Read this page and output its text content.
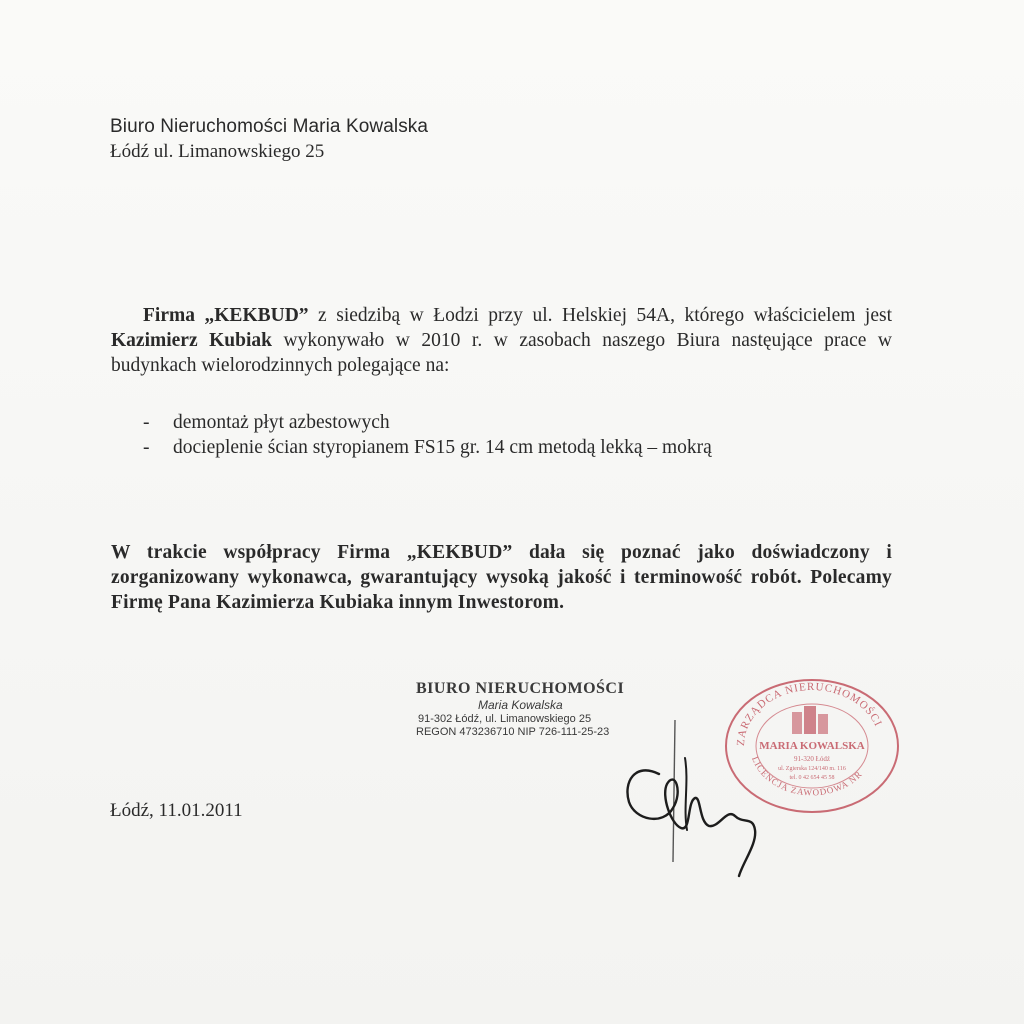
Biuro Nieruchomości Maria Kowalska
Łódź ul. Limanowskiego 25
Firma „KEKBUD” z siedzibą w Łodzi przy ul. Helskiej 54A, którego właścicielem jest Kazimierz Kubiak wykonywało w 2010 r. w zasobach naszego Biura nastęujące prace w budynkach wielorodzinnych polegające na:
-	demontaż płyt azbestowych
-	docieplenie ścian styropianem FS15 gr. 14 cm metodą lekką – mokrą
W trakcie współpracy Firma „KEKBUD” dała się poznać jako doświadczony i zorganizowany wykonawca, gwarantujący wysoką jakość i terminowość robót. Polecamy Firmę Pana Kazimierza Kubiaka innym Inwestorom.
BIURO NIERUCHOMOŚCI
Maria Kowalska
91-302 Łódź, ul. Limanowskiego 25
REGON 473236710 NIP 726-111-25-23
Łódź, 11.01.2011
ZARZĄDCA NIERUCHOMOŚCI
LICENCJA ZAWODOWA NR
MARIA KOWALSKA
91-320 Łódź
ul. Zgierska 124/140 m. 116
tel. 0 42 654 45 58
